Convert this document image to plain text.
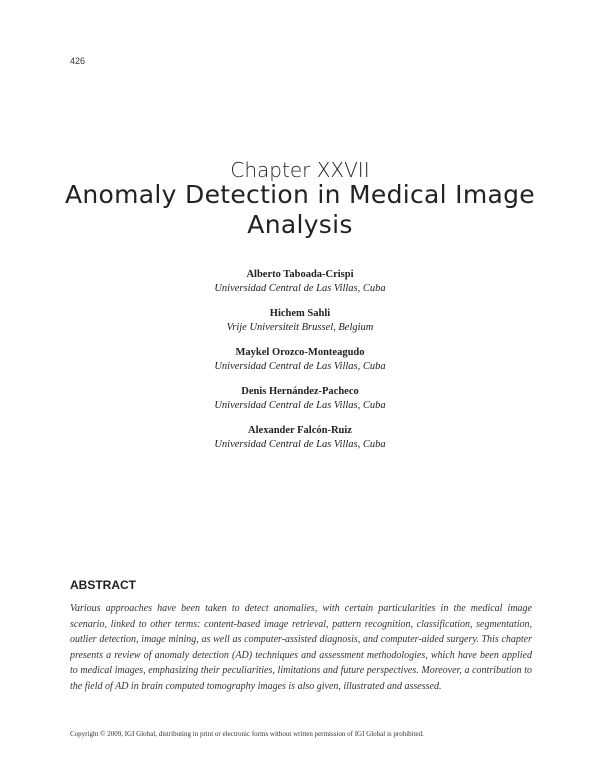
426
Chapter XXVII
Anomaly Detection in Medical Image Analysis
Alberto Taboada-Crispi
Universidad Central de Las Villas, Cuba
Hichem Sahli
Vrije Universiteit Brussel, Belgium
Maykel Orozco-Monteagudo
Universidad Central de Las Villas, Cuba
Denis Hernández-Pacheco
Universidad Central de Las Villas, Cuba
Alexander Falcón-Ruiz
Universidad Central de Las Villas, Cuba
ABSTRACT
Various approaches have been taken to detect anomalies, with certain particularities in the medical image scenario, linked to other terms: content-based image retrieval, pattern recognition, classification, segmentation, outlier detection, image mining, as well as computer-assisted diagnosis, and computer-aided surgery. This chapter presents a review of anomaly detection (AD) techniques and assessment methodologies, which have been applied to medical images, emphasizing their peculiarities, limitations and future perspectives. Moreover, a contribution to the field of AD in brain computed tomography images is also given, illustrated and assessed.
Copyright © 2009, IGI Global, distributing in print or electronic forms without written permission of IGI Global is prohibited.
